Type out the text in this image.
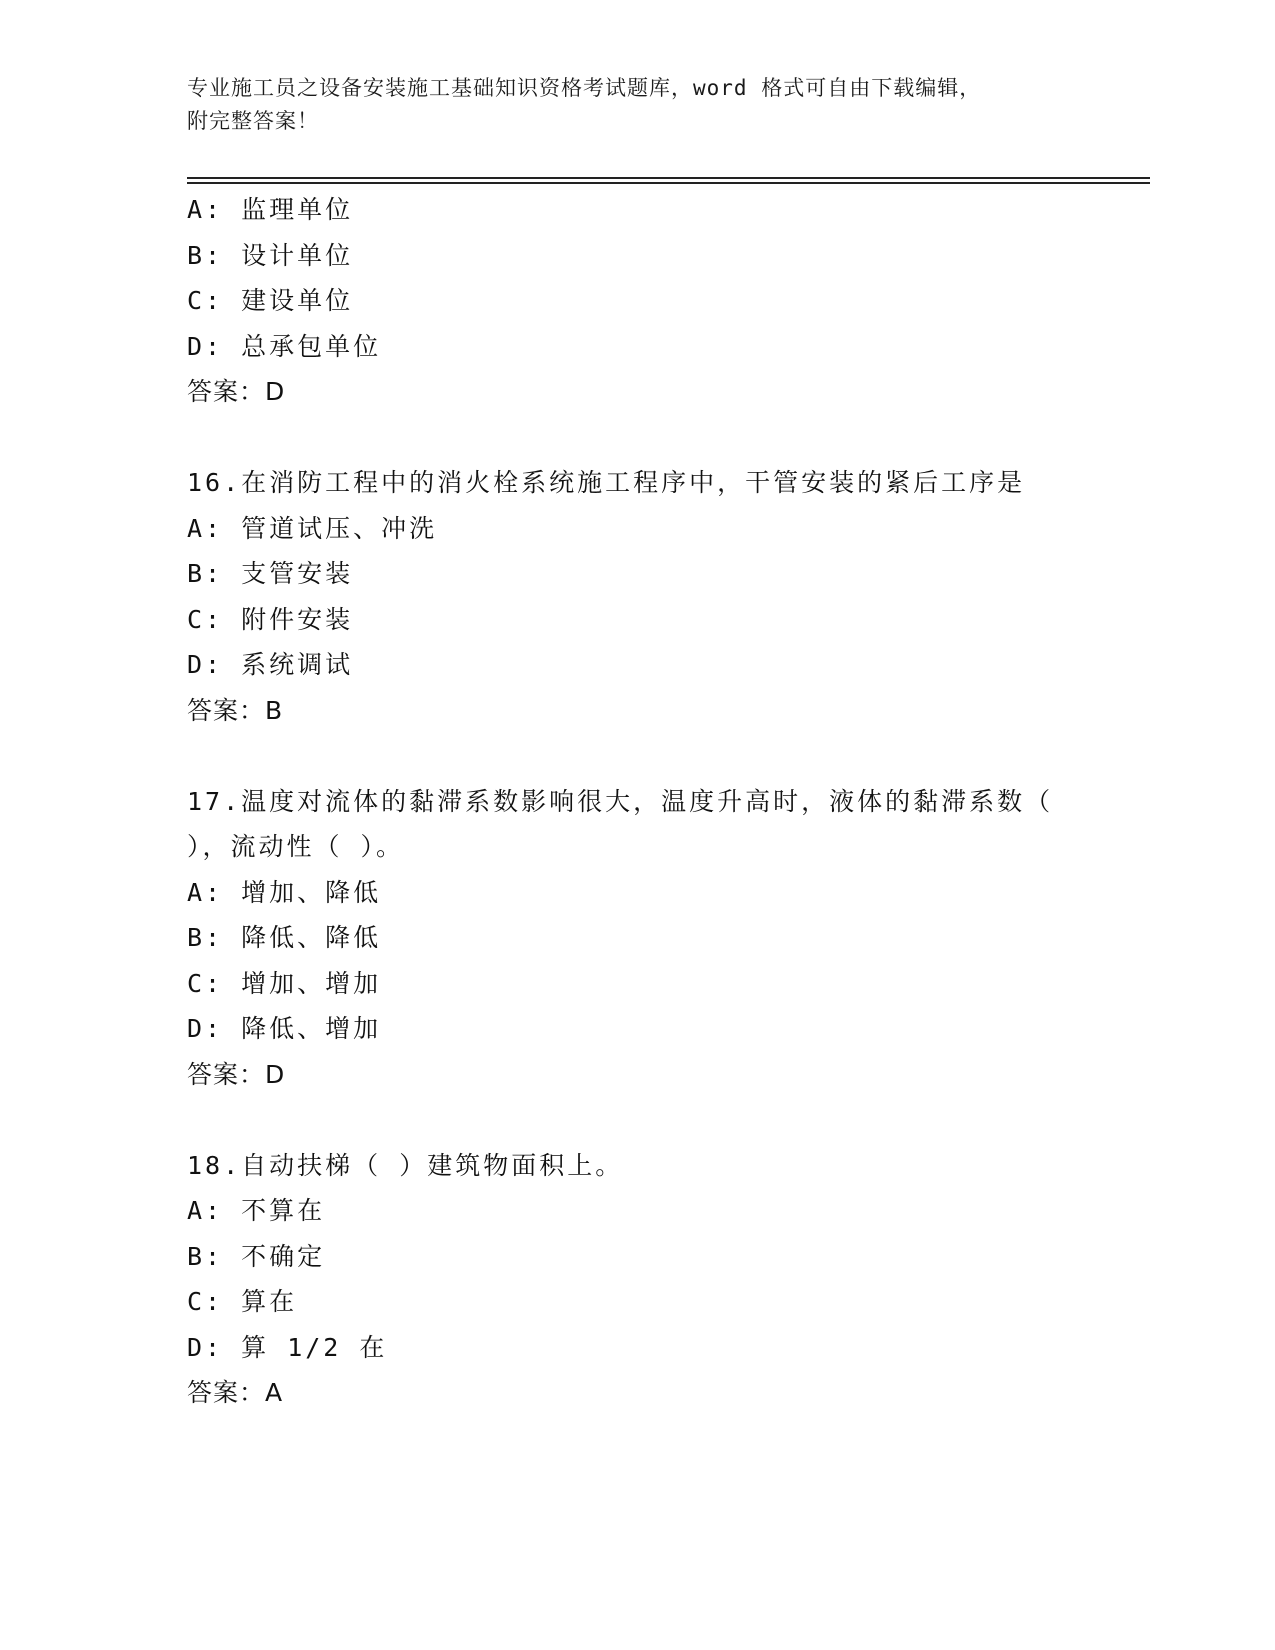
专业施工员之设备安装施工基础知识资格考试题库，word 格式可自由下载编辑，
附完整答案！
A: 监理单位
B: 设计单位
C: 建设单位
D: 总承包单位
答案：D
16.在消防工程中的消火栓系统施工程序中，干管安装的紧后工序是
A: 管道试压、冲洗
B: 支管安装
C: 附件安装
D: 系统调试
答案：B
17.温度对流体的黏滞系数影响很大，温度升高时，液体的黏滞系数（
），流动性（ ）。
A: 增加、降低
B: 降低、降低
C: 增加、增加
D: 降低、增加
答案：D
18.自动扶梯（ ）建筑物面积上。
A: 不算在
B: 不确定
C: 算在
D: 算 1/2 在
答案：A
